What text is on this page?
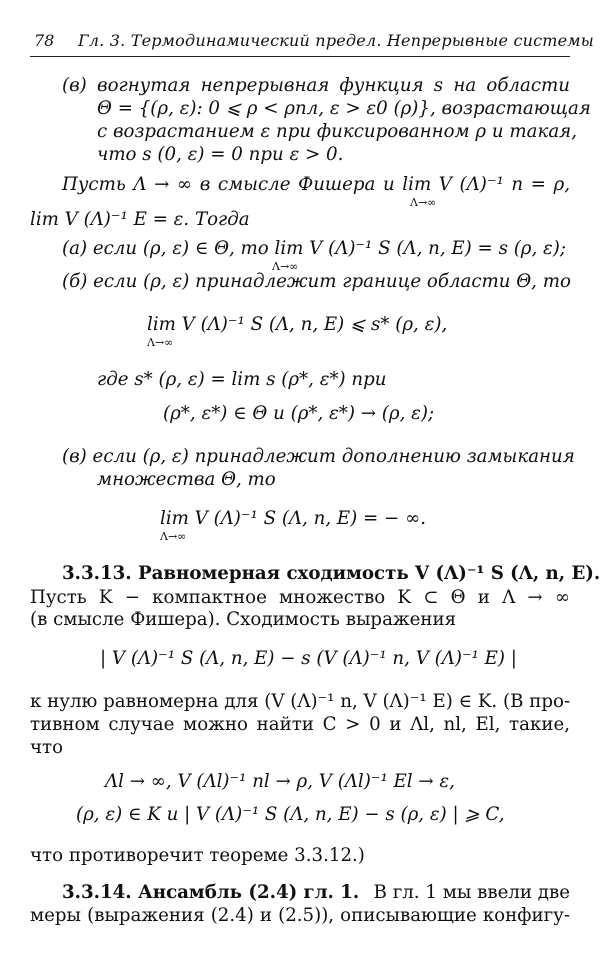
78 Гл. 3. Термодинамический предел. Непрерывные системы
(в) вогнутая непрерывная функция s на области
Θ = {(ρ, ε): 0 ⩽ ρ < ρпл, ε > ε0 (ρ)}, возрастающая
с возрастанием ε при фиксированном ρ и такая,
что s (0, ε) = 0 при ε > 0.
Пусть Λ → ∞ в смысле Фишера и lim V (Λ)⁻¹ n = ρ,
Λ→∞
lim V (Λ)⁻¹ E = ε. Тогда
(а) если (ρ, ε) ∈ Θ, то lim V (Λ)⁻¹ S (Λ, n, E) = s (ρ, ε);
Λ→∞
(б) если (ρ, ε) принадлежит границе области Θ, то
lim V (Λ)⁻¹ S (Λ, n, E) ⩽ s* (ρ, ε),
Λ→∞
где s* (ρ, ε) = lim s (ρ*, ε*) при
(ρ*, ε*) ∈ Θ и (ρ*, ε*) → (ρ, ε);
(в) если (ρ, ε) принадлежит дополнению замыкания
множества Θ, то
lim V (Λ)⁻¹ S (Λ, n, E) = − ∞.
Λ→∞
3.3.13. Равномерная сходимость V (Λ)⁻¹ S (Λ, n, E).
Пусть K − компактное множество K ⊂ Θ и Λ → ∞
(в смысле Фишера). Сходимость выражения
| V (Λ)⁻¹ S (Λ, n, E) − s (V (Λ)⁻¹ n, V (Λ)⁻¹ E) |
к нулю равномерна для (V (Λ)⁻¹ n, V (Λ)⁻¹ E) ∈ K. (В про-
тивном случае можно найти C > 0 и Λl, nl, El, такие,
что
Λl → ∞, V (Λl)⁻¹ nl → ρ, V (Λl)⁻¹ El → ε,
(ρ, ε) ∈ K и | V (Λ)⁻¹ S (Λ, n, E) − s (ρ, ε) | ⩾ C,
что противоречит теореме 3.3.12.)
3.3.14. Ансамбль (2.4) гл. 1. В гл. 1 мы ввели две
меры (выражения (2.4) и (2.5)), описывающие конфигу-
